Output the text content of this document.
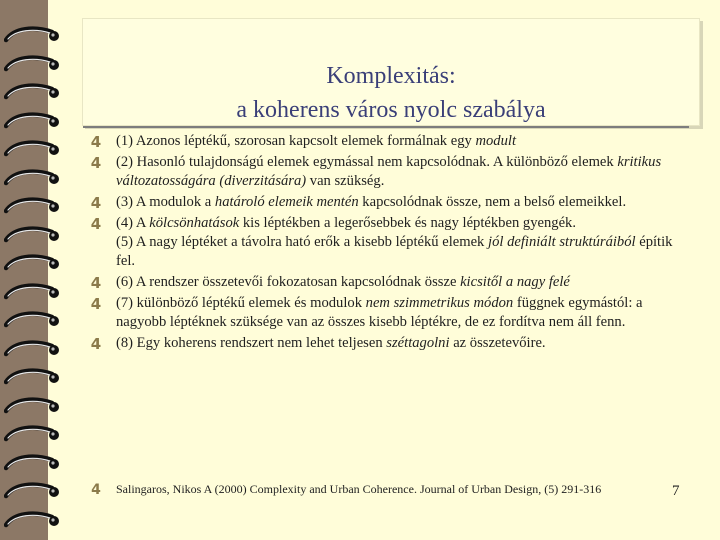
Komplexitás:
a koherens város nyolc szabálya
4 (1) Azonos léptékű, szorosan kapcsolt elemek formálnak egy modult
4 (2) Hasonló tulajdonságú elemek egymással nem kapcsolódnak. A különböző elemek kritikus változatosságára (diverzitására) van szükség.
4 (3) A modulok a határoló elemeik mentén kapcsolódnak össze, nem a belső elemeikkel.
4 (4) A kölcsönhatások kis léptékben a legerősebbek és nagy léptékben gyengék.
(5) A nagy léptéket a távolra ható erők a kisebb léptékű elemek jól definiált struktúráiból építik fel.
4 (6) A rendszer összetevői fokozatosan kapcsolódnak össze kicsitől a nagy felé
4 (7) különböző léptékű elemek és modulok nem szimmetrikus módon függnek egymástól: a nagyobb léptéknek szüksége van az összes kisebb léptékre, de ez fordítva nem áll fenn.
4 (8) Egy koherens rendszert nem lehet teljesen széttagolni az összetevőire.
4 Salingaros, Nikos A (2000) Complexity and Urban Coherence. Journal of Urban Design, (5) 291-316	7
